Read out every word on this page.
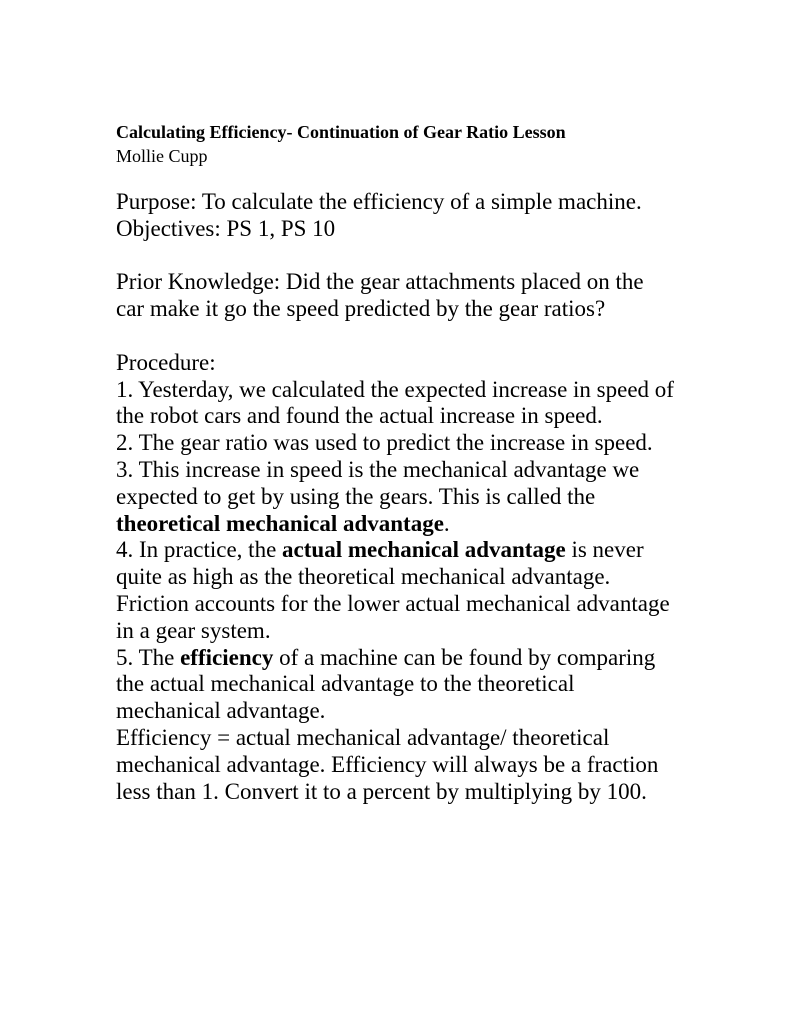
Calculating Efficiency- Continuation of Gear Ratio Lesson
Mollie Cupp

Purpose: To calculate the efficiency of a simple machine.

Objectives: PS 1, PS 10

Prior Knowledge: Did the gear attachments placed on the car make it go the speed predicted by the gear ratios?

Procedure:

1. Yesterday, we calculated the expected increase in speed of the robot cars and found the actual increase in speed.

2. The gear ratio was used to predict the increase in speed.

3. This increase in speed is the mechanical advantage we expected to get by using the gears. This is called the theoretical mechanical advantage.

4. In practice, the actual mechanical advantage is never quite as high as the theoretical mechanical advantage. Friction accounts for the lower actual mechanical advantage in a gear system.

5. The efficiency of a machine can be found by comparing the actual mechanical advantage to the theoretical mechanical advantage.

Efficiency = actual mechanical advantage/ theoretical mechanical advantage. Efficiency will always be a fraction less than 1. Convert it to a percent by multiplying by 100.
